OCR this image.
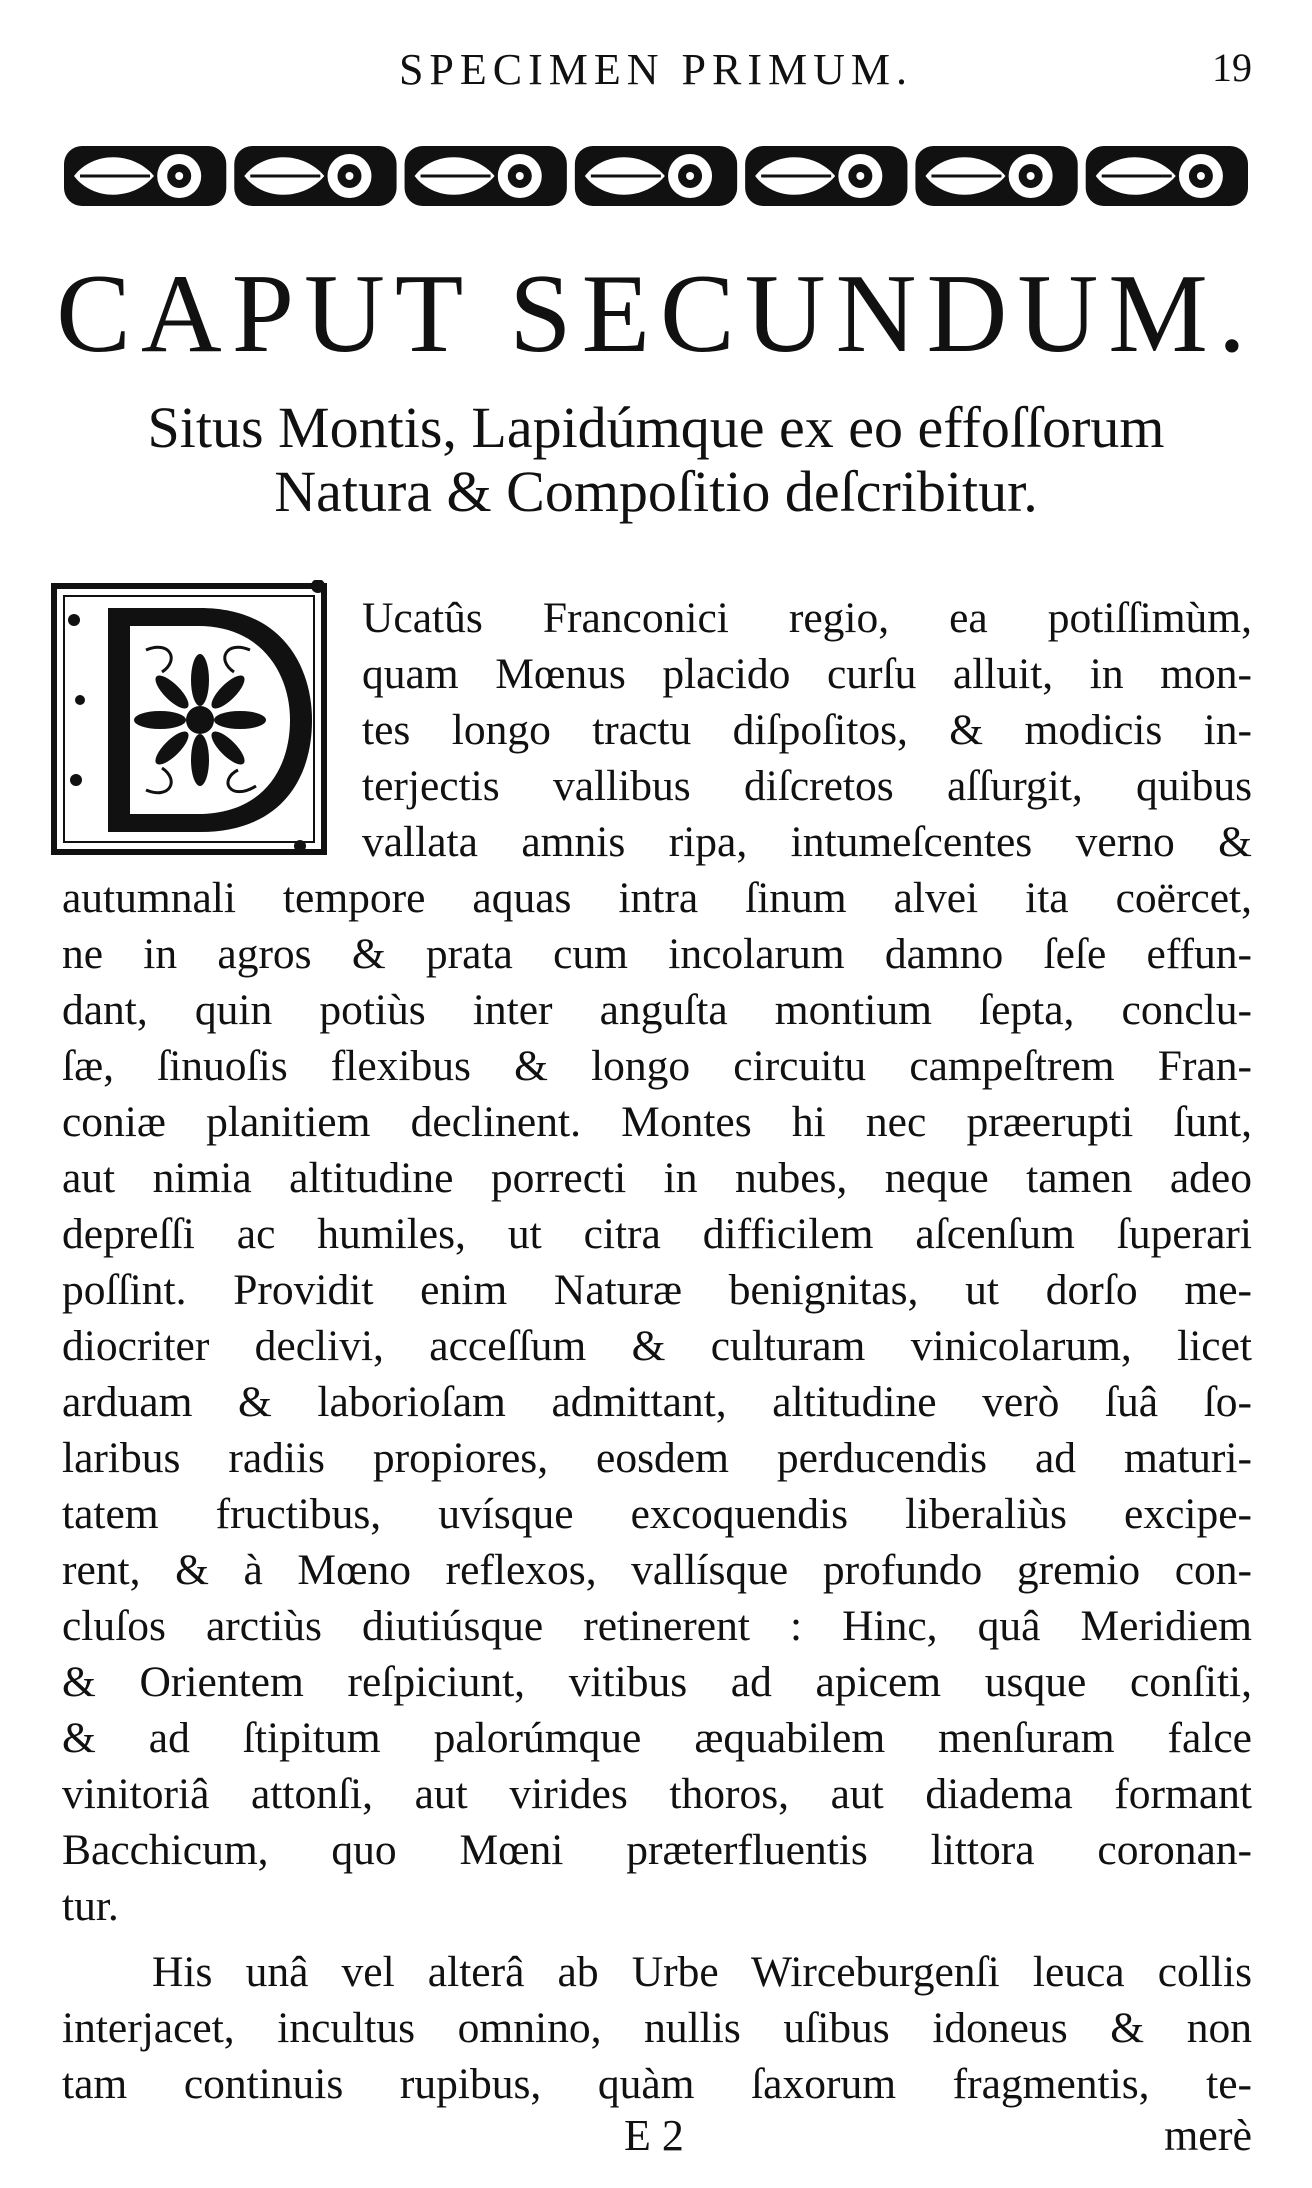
SPECIMEN PRIMUM.	19
CAPUT SECUNDUM.
Situs Montis, Lapidúmque ex eo effoſſorum
Natura & Compoſitio deſcribitur.
Ucatûs Franconici regio, ea potiſſimùm,
quam Mœnus placido curſu alluit, in mon-
tes longo tractu diſpoſitos, & modicis in-
terjectis vallibus diſcretos aſſurgit, quibus
vallata amnis ripa, intumeſcentes verno &
autumnali tempore aquas intra ſinum alvei ita coërcet,
ne in agros & prata cum incolarum damno ſeſe effun-
dant, quin potiùs inter anguſta montium ſepta, conclu-
ſæ, ſinuoſis flexibus & longo circuitu campeſtrem Fran-
coniæ planitiem declinent. Montes hi nec præerupti ſunt,
aut nimia altitudine porrecti in nubes, neque tamen adeo
depreſſi ac humiles, ut citra difficilem aſcenſum ſuperari
poſſint. Providit enim Naturæ benignitas, ut dorſo me-
diocriter declivi, acceſſum & culturam vinicolarum, licet
arduam & laborioſam admittant, altitudine verò ſuâ ſo-
laribus radiis propiores, eosdem perducendis ad maturi-
tatem fructibus, uvísque excoquendis liberaliùs excipe-
rent, & à Mœno reflexos, vallísque profundo gremio con-
cluſos arctiùs diutiúsque retinerent : Hinc, quâ Meridiem
& Orientem reſpiciunt, vitibus ad apicem usque conſiti,
& ad ſtipitum palorúmque æquabilem menſuram falce
vinitoriâ attonſi, aut virides thoros, aut diadema formant
Bacchicum, quo Mœni præterfluentis littora coronan-
tur.
His unâ vel alterâ ab Urbe Wirceburgenſi leuca collis
interjacet, incultus omnino, nullis uſibus idoneus & non
tam continuis rupibus, quàm ſaxorum fragmentis, te-
E 2	merè
